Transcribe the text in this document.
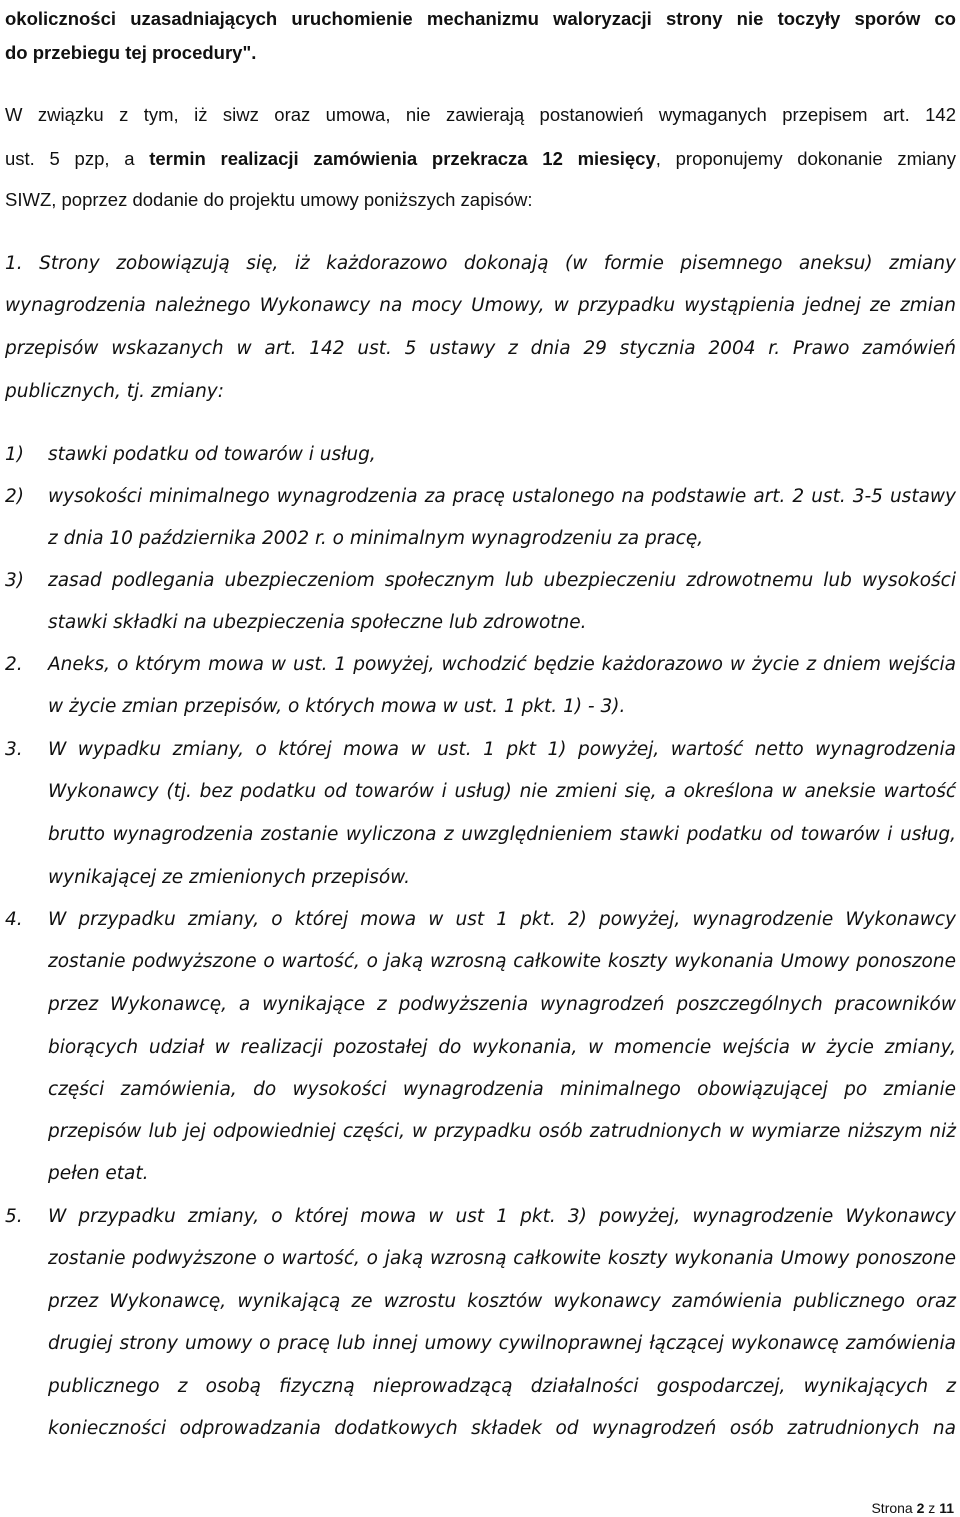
okoliczności uzasadniających uruchomienie mechanizmu waloryzacji strony nie toczyły sporów co
do przebiegu tej procedury".
W związku z tym, iż siwz oraz umowa, nie zawierają postanowień wymaganych przepisem art. 142
ust. 5 pzp, a termin realizacji zamówienia przekracza 12 miesięcy, proponujemy dokonanie zmiany
SIWZ, poprzez dodanie do projektu umowy poniższych zapisów:
1. Strony zobowiązują się, iż każdorazowo dokonają (w formie pisemnego aneksu) zmiany
wynagrodzenia należnego Wykonawcy na mocy Umowy, w przypadku wystąpienia jednej ze zmian
przepisów wskazanych w art. 142 ust. 5 ustawy z dnia 29 stycznia 2004 r. Prawo zamówień
publicznych, tj. zmiany:
1) stawki podatku od towarów i usług,
2) wysokości minimalnego wynagrodzenia za pracę ustalonego na podstawie art. 2 ust. 3-5 ustawy
z dnia 10 października 2002 r. o minimalnym wynagrodzeniu za pracę,
3) zasad podlegania ubezpieczeniom społecznym lub ubezpieczeniu zdrowotnemu lub wysokości
stawki składki na ubezpieczenia społeczne lub zdrowotne.
2. Aneks, o którym mowa w ust. 1 powyżej, wchodzić będzie każdorazowo w życie z dniem wejścia
w życie zmian przepisów, o których mowa w ust. 1 pkt. 1) - 3).
3. W wypadku zmiany, o której mowa w ust. 1 pkt 1) powyżej, wartość netto wynagrodzenia
Wykonawcy (tj. bez podatku od towarów i usług) nie zmieni się, a określona w aneksie wartość
brutto wynagrodzenia zostanie wyliczona z uwzględnieniem stawki podatku od towarów i usług,
wynikającej ze zmienionych przepisów.
4. W przypadku zmiany, o której mowa w ust 1 pkt. 2) powyżej, wynagrodzenie Wykonawcy
zostanie podwyższone o wartość, o jaką wzrosną całkowite koszty wykonania Umowy ponoszone
przez Wykonawcę, a wynikające z podwyższenia wynagrodzeń poszczególnych pracowników
biorących udział w realizacji pozostałej do wykonania, w momencie wejścia w życie zmiany,
części zamówienia, do wysokości wynagrodzenia minimalnego obowiązującej po zmianie
przepisów lub jej odpowiedniej części, w przypadku osób zatrudnionych w wymiarze niższym niż
pełen etat.
5. W przypadku zmiany, o której mowa w ust 1 pkt. 3) powyżej, wynagrodzenie Wykonawcy
zostanie podwyższone o wartość, o jaką wzrosną całkowite koszty wykonania Umowy ponoszone
przez Wykonawcę, wynikającą ze wzrostu kosztów wykonawcy zamówienia publicznego oraz
drugiej strony umowy o pracę lub innej umowy cywilnoprawnej łączącej wykonawcę zamówienia
publicznego z osobą fizyczną nieprowadzącą działalności gospodarczej, wynikających z
konieczności odprowadzania dodatkowych składek od wynagrodzeń osób zatrudnionych na
Strona 2 z 11
